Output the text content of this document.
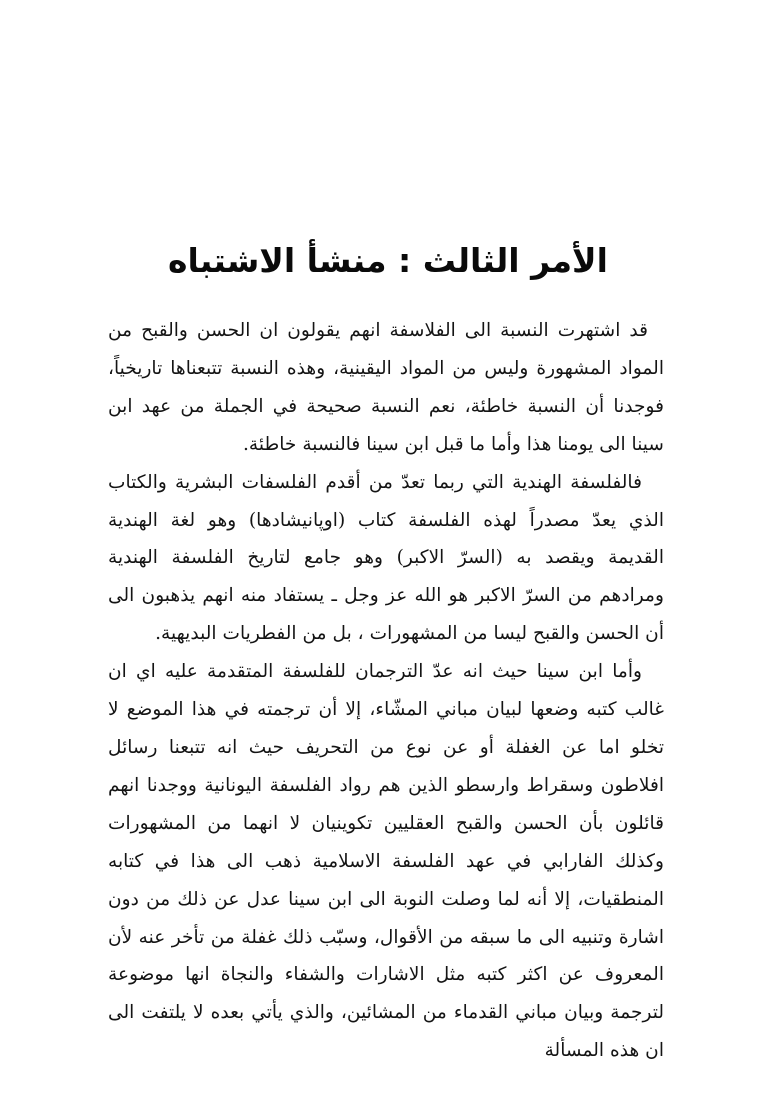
الأمر الثالث : منشأ الاشتباه

قد اشتهرت النسبة الى الفلاسفة انهم يقولون ان الحسن والقبح من المواد المشهورة وليس من المواد اليقينية، وهذه النسبة تتبعناها تاريخياً، فوجدنا أن النسبة خاطئة، نعم النسبة صحيحة في الجملة من عهد ابن سينا الى يومنا هذا وأما ما قبل ابن سينا فالنسبة خاطئة.

فالفلسفة الهندية التي ربما تعدّ من أقدم الفلسفات البشرية والكتاب الذي يعدّ مصدراً لهذه الفلسفة كتاب (اوپانيشادها) وهو لغة الهندية القديمة ويقصد به (السرّ الاكبر) وهو جامع لتاريخ الفلسفة الهندية ومرادهم من السرّ الاكبر هو الله عز وجل ـ يستفاد منه انهم يذهبون الى أن الحسن والقبح ليسا من المشهورات ، بل من الفطريات البديهية.

وأما ابن سينا حيث انه عدّ الترجمان للفلسفة المتقدمة عليه اي ان غالب كتبه وضعها لبيان مباني المشّاء، إلا أن ترجمته في هذا الموضع لا تخلو اما عن الغفلة أو عن نوع من التحريف حيث انه تتبعنا رسائل افلاطون وسقراط وارسطو الذين هم رواد الفلسفة اليونانية ووجدنا انهم قائلون بأن الحسن والقبح العقليين تكوينيان لا انهما من المشهورات وكذلك الفارابي في عهد الفلسفة الاسلامية ذهب الى هذا في كتابه المنطقيات، إلا أنه لما وصلت النوبة الى ابن سينا عدل عن ذلك من دون اشارة وتنبيه الى ما سبقه من الأقوال، وسبّب ذلك غفلة من تأخر عنه لأن المعروف عن اكثر كتبه مثل الاشارات والشفاء والنجاة انها موضوعة لترجمة وبيان مباني القدماء من المشائين، والذي يأتي بعده لا يلتفت الى ان هذه المسألة
